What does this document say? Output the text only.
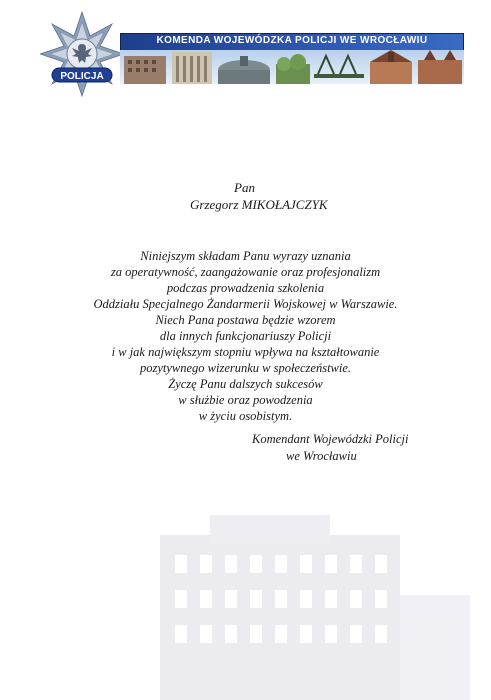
POLICJA
KOMENDA WOJEWÓDZKA POLICJI WE WROCŁAWIU
Pan
Grzegorz MIKOŁAJCZYK
Niniejszym składam Panu wyrazy uznania
za operatywność, zaangażowanie oraz profesjonalizm
podczas prowadzenia szkolenia
Oddziału Specjalnego Żandarmerii Wojskowej w Warszawie.
Niech Pana postawa będzie wzorem
dla innych funkcjonariuszy Policji
i w jak największym stopniu wpływa na kształtowanie
pozytywnego wizerunku w społeczeństwie.
Życzę Panu dalszych sukcesów
w służbie oraz powodzenia
w życiu osobistym.
Komendant Wojewódzki Policji
we Wrocławiu
